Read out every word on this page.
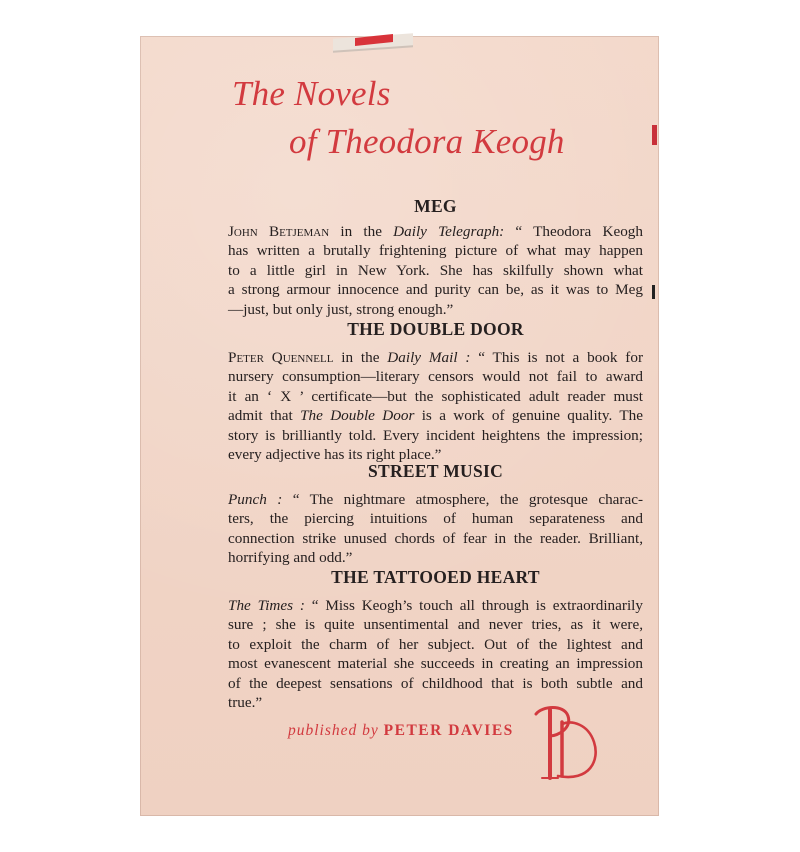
The Novels
of Theodora Keogh
MEG
John Betjeman in the Daily Telegraph: “ Theodora Keogh
has written a brutally frightening picture of what may happen
to a little girl in New York. She has skilfully shown what
a strong armour innocence and purity can be, as it was to Meg
—just, but only just, strong enough.”
THE DOUBLE DOOR
Peter Quennell in the Daily Mail : “ This is not a book for
nursery consumption—literary censors would not fail to award
it an ‘ X ’ certificate—but the sophisticated adult reader must
admit that The Double Door is a work of genuine quality. The
story is brilliantly told. Every incident heightens the impression;
every adjective has its right place.”
STREET MUSIC
Punch : “ The nightmare atmosphere, the grotesque charac-
ters, the piercing intuitions of human separateness and
connection strike unused chords of fear in the reader. Brilliant,
horrifying and odd.”
THE TATTOOED HEART
The Times : “ Miss Keogh’s touch all through is extraordinarily
sure ; she is quite unsentimental and never tries, as it were,
to exploit the charm of her subject. Out of the lightest and
most evanescent material she succeeds in creating an impression
of the deepest sensations of childhood that is both subtle and
true.”
published by PETER DAVIES
